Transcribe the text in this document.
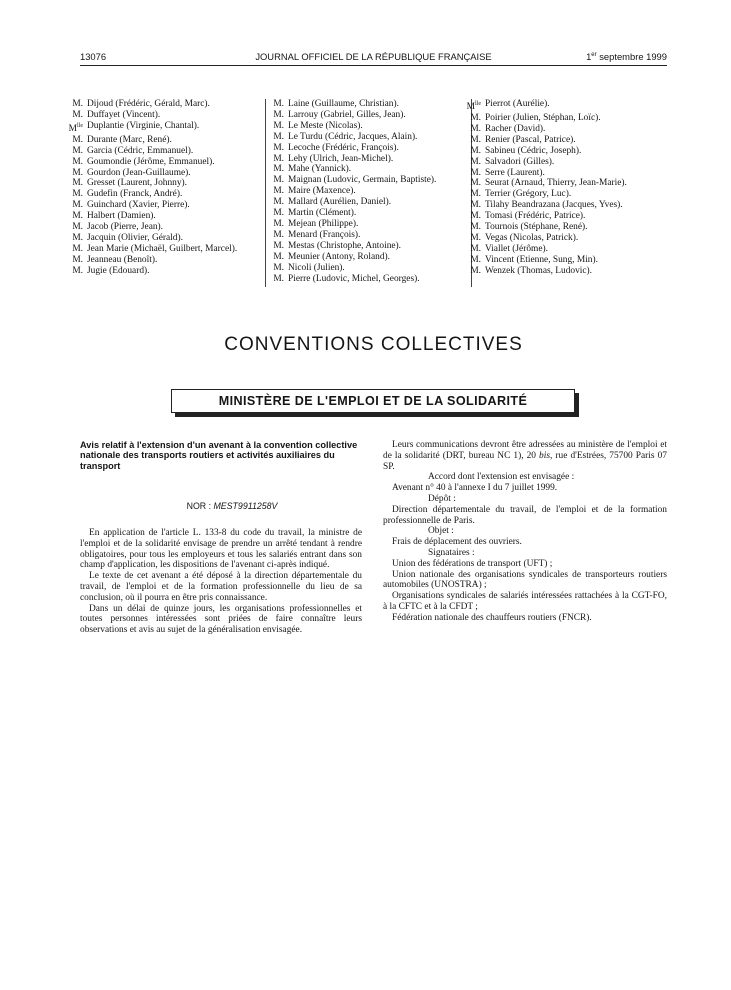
13076	JOURNAL OFFICIEL DE LA RÉPUBLIQUE FRANÇAISE	1er septembre 1999
M. Dijoud (Frédéric, Gérald, Marc).
M. Duffayet (Vincent).
$M^{lle}$ Duplantie (Virginie, Chantal).
M. Durante (Marc, René).
M. Garcia (Cédric, Emmanuel).
M. Goumondie (Jérôme, Emmanuel).
M. Gourdon (Jean-Guillaume).
M. Gresset (Laurent, Johnny).
M. Gudefin (Franck, André).
M. Guinchard (Xavier, Pierre).
M. Halbert (Damien).
M. Jacob (Pierre, Jean).
M. Jacquin (Olivier, Gérald).
M. Jean Marie (Michaël, Guilbert, Marcel).
M. Jeanneau (Benoît).
M. Jugie (Edouard).
M. Laine (Guillaume, Christian).
M. Larrouy (Gabriel, Gilles, Jean).
M. Le Meste (Nicolas).
M. Le Turdu (Cédric, Jacques, Alain).
M. Lecoche (Frédéric, François).
M. Lehy (Ulrich, Jean-Michel).
M. Mahe (Yannick).
M. Maignan (Ludovic, Germain, Baptiste).
M. Maire (Maxence).
M. Mallard (Aurélien, Daniel).
M. Martin (Clément).
M. Mejean (Philippe).
M. Menard (François).
M. Mestas (Christophe, Antoine).
M. Meunier (Antony, Roland).
M. Nicoli (Julien).
M. Pierre (Ludovic, Michel, Georges).
$M^{lle}$ Pierrot (Aurélie).
M. Poirier (Julien, Stéphan, Loïc).
M. Racher (David).
M. Renier (Pascal, Patrice).
M. Sabineu (Cédric, Joseph).
M. Salvadori (Gilles).
M. Serre (Laurent).
M. Seurat (Arnaud, Thierry, Jean-Marie).
M. Terrier (Grégory, Luc).
M. Tilahy Beandrazana (Jacques, Yves).
M. Tomasi (Frédéric, Patrice).
M. Tournois (Stéphane, René).
M. Vegas (Nicolas, Patrick).
M. Viallet (Jérôme).
M. Vincent (Etienne, Sung, Min).
M. Wenzek (Thomas, Ludovic).
CONVENTIONS COLLECTIVES
MINISTÈRE DE L'EMPLOI ET DE LA SOLIDARITÉ
Avis relatif à l'extension d'un avenant à la convention collective nationale des transports routiers et activités auxiliaires du transport
NOR : MEST9911258V

En application de l'article L. 133-8 du code du travail, la ministre de l'emploi et de la solidarité envisage de prendre un arrêté tendant à rendre obligatoires, pour tous les employeurs et tous les salariés entrant dans son champ d'application, les dispositions de l'avenant ci-après indiqué.

Le texte de cet avenant a été déposé à la direction départementale du travail, de l'emploi et de la formation professionnelle du lieu de sa conclusion, où il pourra en être pris connaissance.

Dans un délai de quinze jours, les organisations professionnelles et toutes personnes intéressées sont priées de faire connaître leurs observations et avis au sujet de la généralisation envisagée.

Leurs communications devront être adressées au ministère de l'emploi et de la solidarité (DRT, bureau NC 1), 20 bis, rue d'Estrées, 75700 Paris 07 SP.

Accord dont l'extension est envisagée :

Avenant n° 40 à l'annexe I du 7 juillet 1999.

Dépôt :

Direction départementale du travail, de l'emploi et de la formation professionnelle de Paris.

Objet :

Frais de déplacement des ouvriers.

Signataires :

Union des fédérations de transport (UFT) ;

Union nationale des organisations syndicales de transporteurs routiers automobiles (UNOSTRA) ;

Organisations syndicales de salariés intéressées rattachées à la CGT-FO, à la CFTC et à la CFDT ;

Fédération nationale des chauffeurs routiers (FNCR).
